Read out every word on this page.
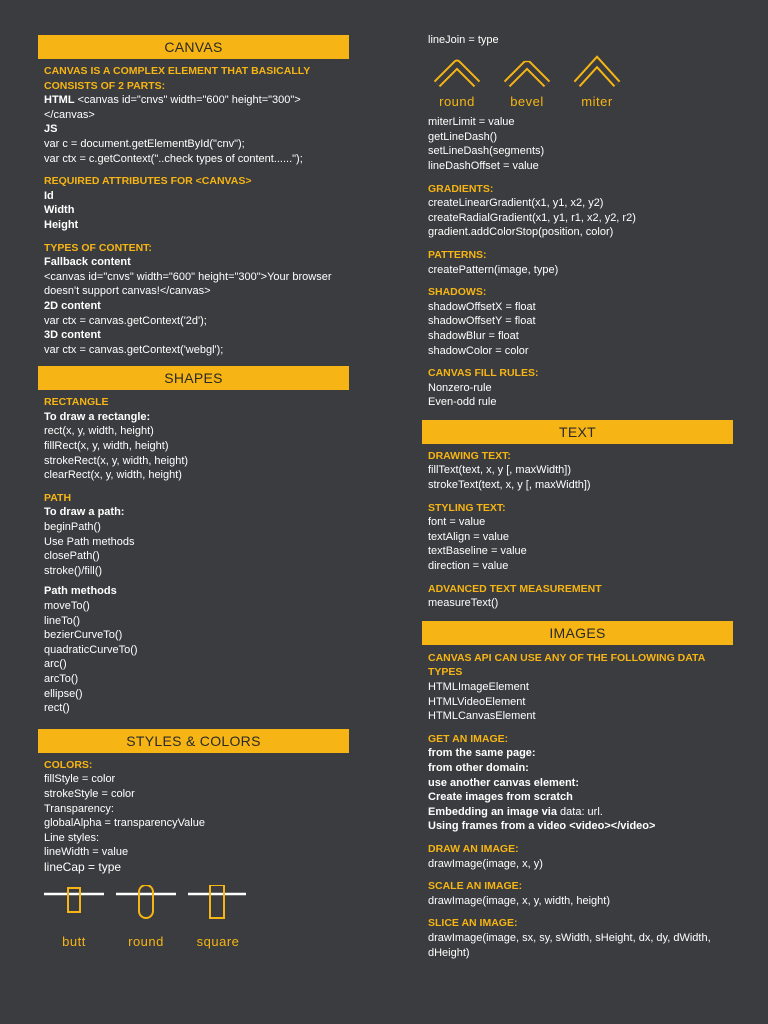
CANVAS
CANVAS IS A COMPLEX ELEMENT THAT BASICALLY CONSISTS OF 2 PARTS:
HTML <canvas id="cnvs" width="600" height="300"></canvas>
JS
var c = document.getElementById("cnv");
var ctx = c.getContext("..check types of content......");
REQUIRED ATTRIBUTES FOR <CANVAS>
Id
Width
Height
TYPES OF CONTENT:
Fallback content
<canvas id="cnvs" width="600" height="300">Your browser doesn't support canvas!</canvas>
2D content
var ctx = canvas.getContext('2d');
3D content
var ctx = canvas.getContext('webgl');
SHAPES
RECTANGLE
To draw a rectangle:
rect(x, y, width, height)
fillRect(x, y, width, height)
strokeRect(x, y, width, height)
clearRect(x, y, width, height)
PATH
To draw a path:
beginPath()
Use Path methods
closePath()
stroke()/fill()
Path methods
moveTo()
lineTo()
bezierCurveTo()
quadraticCurveTo()
arc()
arcTo()
ellipse()
rect()
STYLES & COLORS
COLORS:
fillStyle = color
strokeStyle = color
Transparency:
globalAlpha = transparencyValue
Line styles:
lineWidth = value
lineCap = type
butt	round	square
lineJoin = type
round	bevel	miter
miterLimit = value
getLineDash()
setLineDash(segments)
lineDashOffset = value
GRADIENTS:
createLinearGradient(x1, y1, x2, y2)
createRadialGradient(x1, y1, r1, x2, y2, r2)
gradient.addColorStop(position, color)
PATTERNS:
createPattern(image, type)
SHADOWS:
shadowOffsetX = float
shadowOffsetY = float
shadowBlur = float
shadowColor = color
CANVAS FILL RULES:
Nonzero-rule
Even-odd rule
TEXT
DRAWING TEXT:
fillText(text, x, y [, maxWidth])
strokeText(text, x, y [, maxWidth])
STYLING TEXT:
font = value
textAlign = value
textBaseline = value
direction = value
ADVANCED TEXT MEASUREMENT
measureText()
IMAGES
CANVAS API CAN USE ANY OF THE FOLLOWING DATA TYPES
HTMLImageElement
HTMLVideoElement
HTMLCanvasElement
GET AN IMAGE:
from the same page:
from other domain:
use another canvas element:
Create images from scratch
Embedding an image via data: url.
Using frames from a video <video></video>
DRAW AN IMAGE:
drawImage(image, x, y)
SCALE AN IMAGE:
drawImage(image, x, y, width, height)
SLICE AN IMAGE:
drawImage(image, sx, sy, sWidth, sHeight, dx, dy, dWidth, dHeight)
